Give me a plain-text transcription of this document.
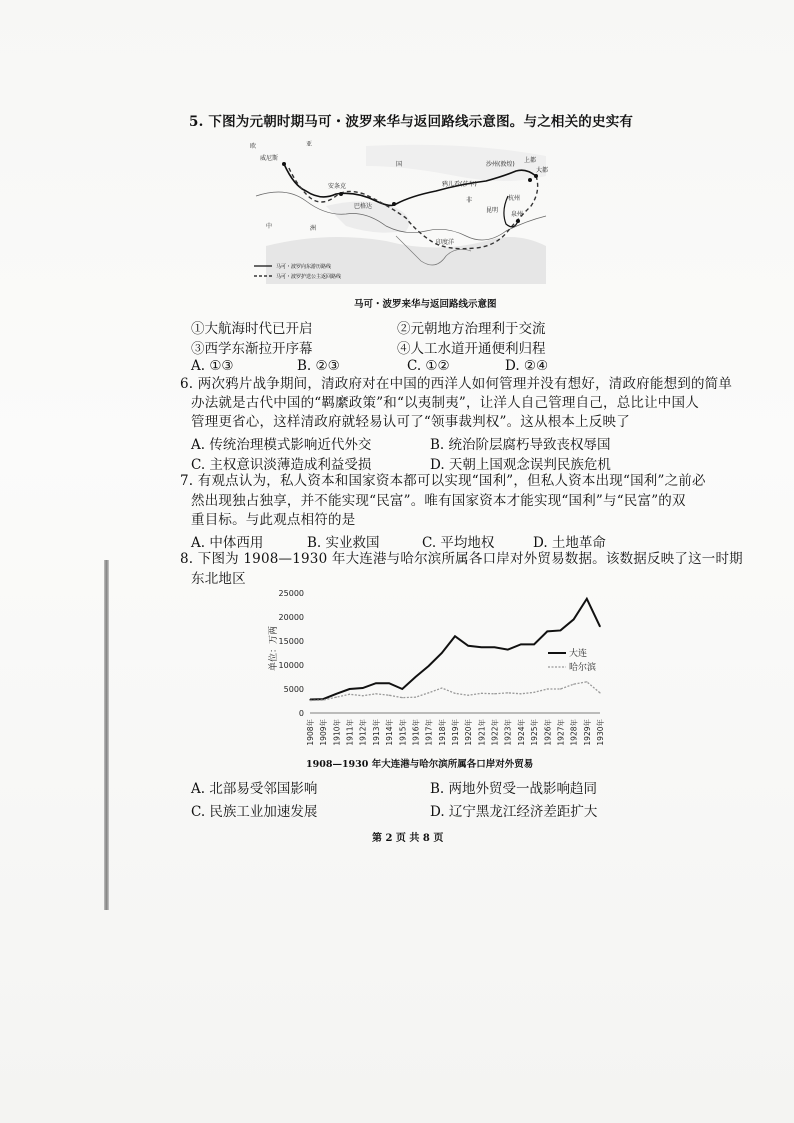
5. 下图为元朝时期马可・波罗来华与返回路线示意图。与之相关的史实有
欧
威尼斯
安条克
巴格达
鸦儿看(莎车)
沙州(敦煌)
上都
大都
杭州
泉州
昆明
印度洋
中	洲
亚
国
非
马可・波罗向东游历路线
马可・波罗护送公主返回路线
马可・波罗来华与返回路线示意图
①大航海时代已开启	②元朝地方治理利于交流
③西学东渐拉开序幕	④人工水道开通便利归程
A. ①③	B. ②③	C. ①②	D. ②④
6. 两次鸦片战争期间，清政府对在中国的西洋人如何管理并没有想好，清政府能想到的简单
办法就是古代中国的“羁縻政策”和“以夷制夷”，让洋人自己管理自己，总比让中国人
管理更省心，这样清政府就轻易认可了“领事裁判权”。这从根本上反映了
A. 传统治理模式影响近代外交	B. 统治阶层腐朽导致丧权辱国
C. 主权意识淡薄造成利益受损	D. 天朝上国观念误判民族危机
7. 有观点认为，私人资本和国家资本都可以实现“国利”，但私人资本出现“国利”之前必
然出现独占独享，并不能实现“民富”。唯有国家资本才能实现“国利”与“民富”的双
重目标。与此观点相符的是
A. 中体西用	B. 实业救国	C. 平均地权	D. 土地革命
8. 下图为 1908—1930 年大连港与哈尔滨所属各口岸对外贸易数据。该数据反映了这一时期
东北地区
0
5000
10000
15000
20000
25000
单位：万两
1908年 1909年 1910年 1911年 1912年 1913年 1914年 1915年 1916年 1917年 1918年 1919年 1920年 1921年 1922年 1923年 1924年 1925年 1926年 1927年 1928年 1929年 1930年
大连
哈尔滨
1908—1930 年大连港与哈尔滨所属各口岸对外贸易
A. 北部易受邻国影响	B. 两地外贸受一战影响趋同
C. 民族工业加速发展	D. 辽宁黑龙江经济差距扩大
第 2 页 共 8 页
